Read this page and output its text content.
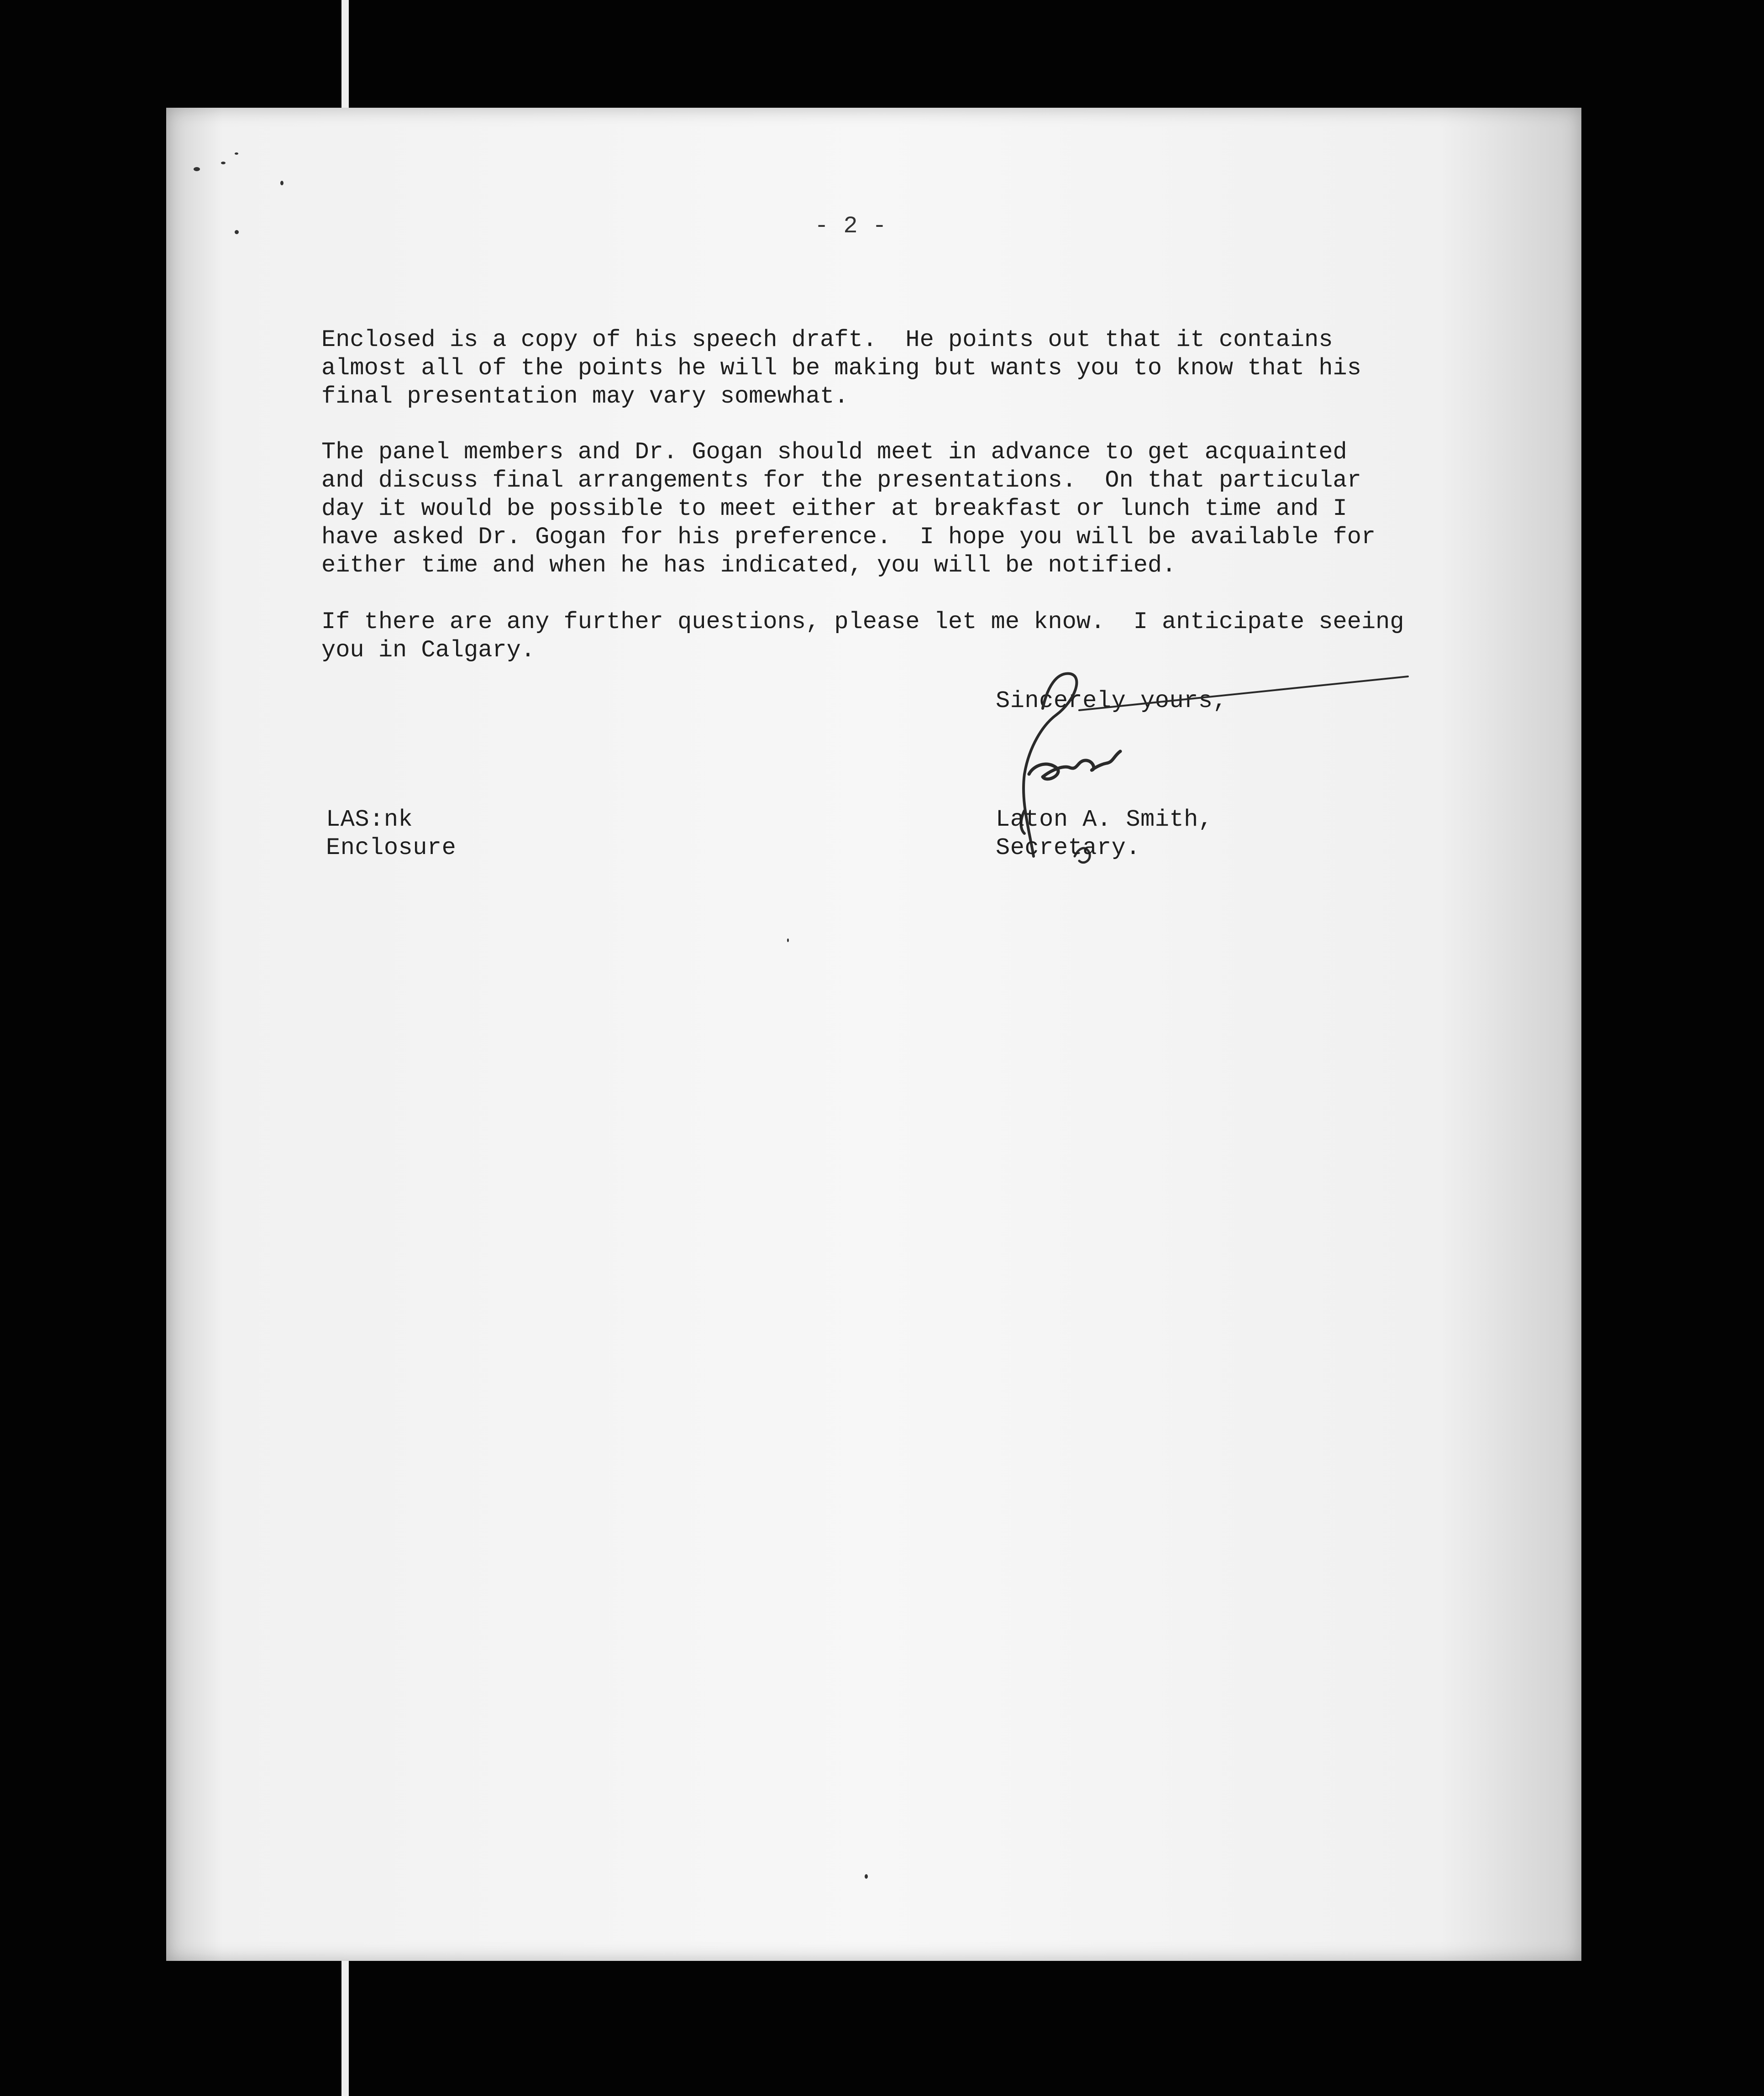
- 2 -
Enclosed is a copy of his speech draft.  He points out that it contains
almost all of the points he will be making but wants you to know that his
final presentation may vary somewhat.
The panel members and Dr. Gogan should meet in advance to get acquainted
and discuss final arrangements for the presentations.  On that particular
day it would be possible to meet either at breakfast or lunch time and I
have asked Dr. Gogan for his preference.  I hope you will be available for
either time and when he has indicated, you will be notified.
If there are any further questions, please let me know.  I anticipate seeing
you in Calgary.
Sincerely yours,
Laton A. Smith,
Secretary.
LAS:nk
Enclosure
